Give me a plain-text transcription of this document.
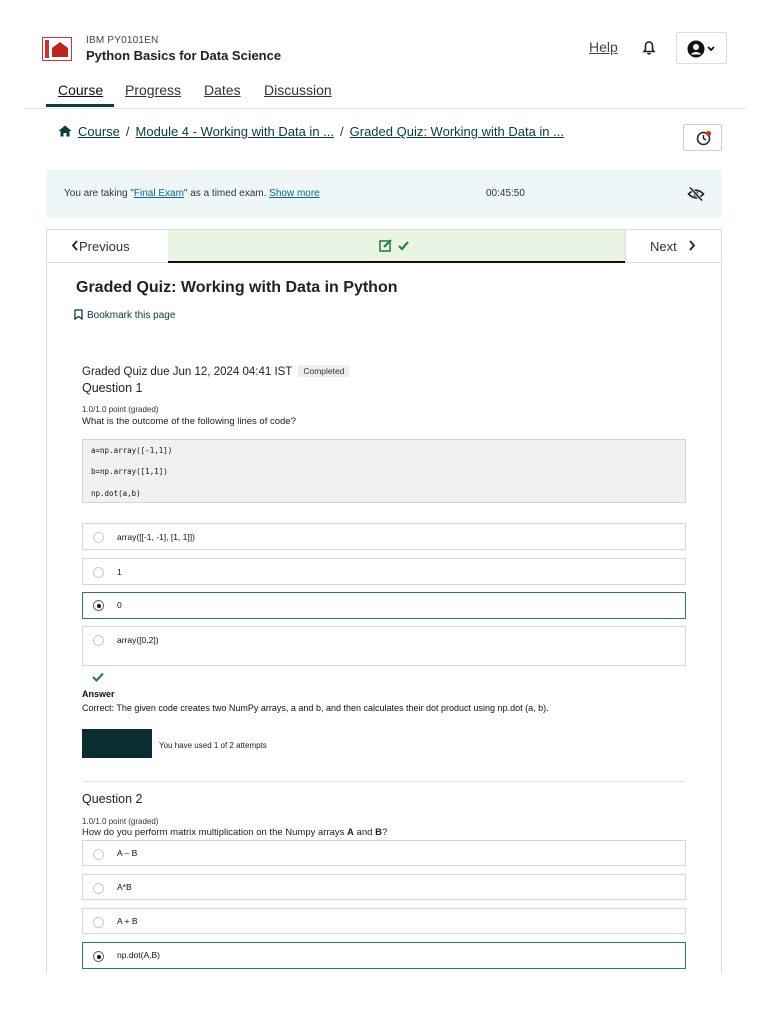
IBM PY0101EN
Python Basics for Data Science
Help
Course Progress Dates Discussion
Course / Module 4 - Working with Data in ... / Graded Quiz: Working with Data in ...
You are taking "Final Exam" as a timed exam. Show more	00:45:50
Previous	Next
Graded Quiz: Working with Data in Python
Bookmark this page
Graded Quiz due Jun 12, 2024 04:41 IST Completed
Question 1
1.0/1.0 point (graded)
What is the outcome of the following lines of code?
a=np.array([-1,1])
b=np.array([1,1])
np.dot(a,b)
array([[-1, -1], [1, 1]])
1
0
array([0,2])
Answer
Correct: The given code creates two NumPy arrays, a and b, and then calculates their dot product using np.dot (a, b).
Submit	You have used 1 of 2 attempts
Question 2
1.0/1.0 point (graded)
How do you perform matrix multiplication on the Numpy arrays A and B?
A – B
A*B
A + B
np.dot(A,B)
